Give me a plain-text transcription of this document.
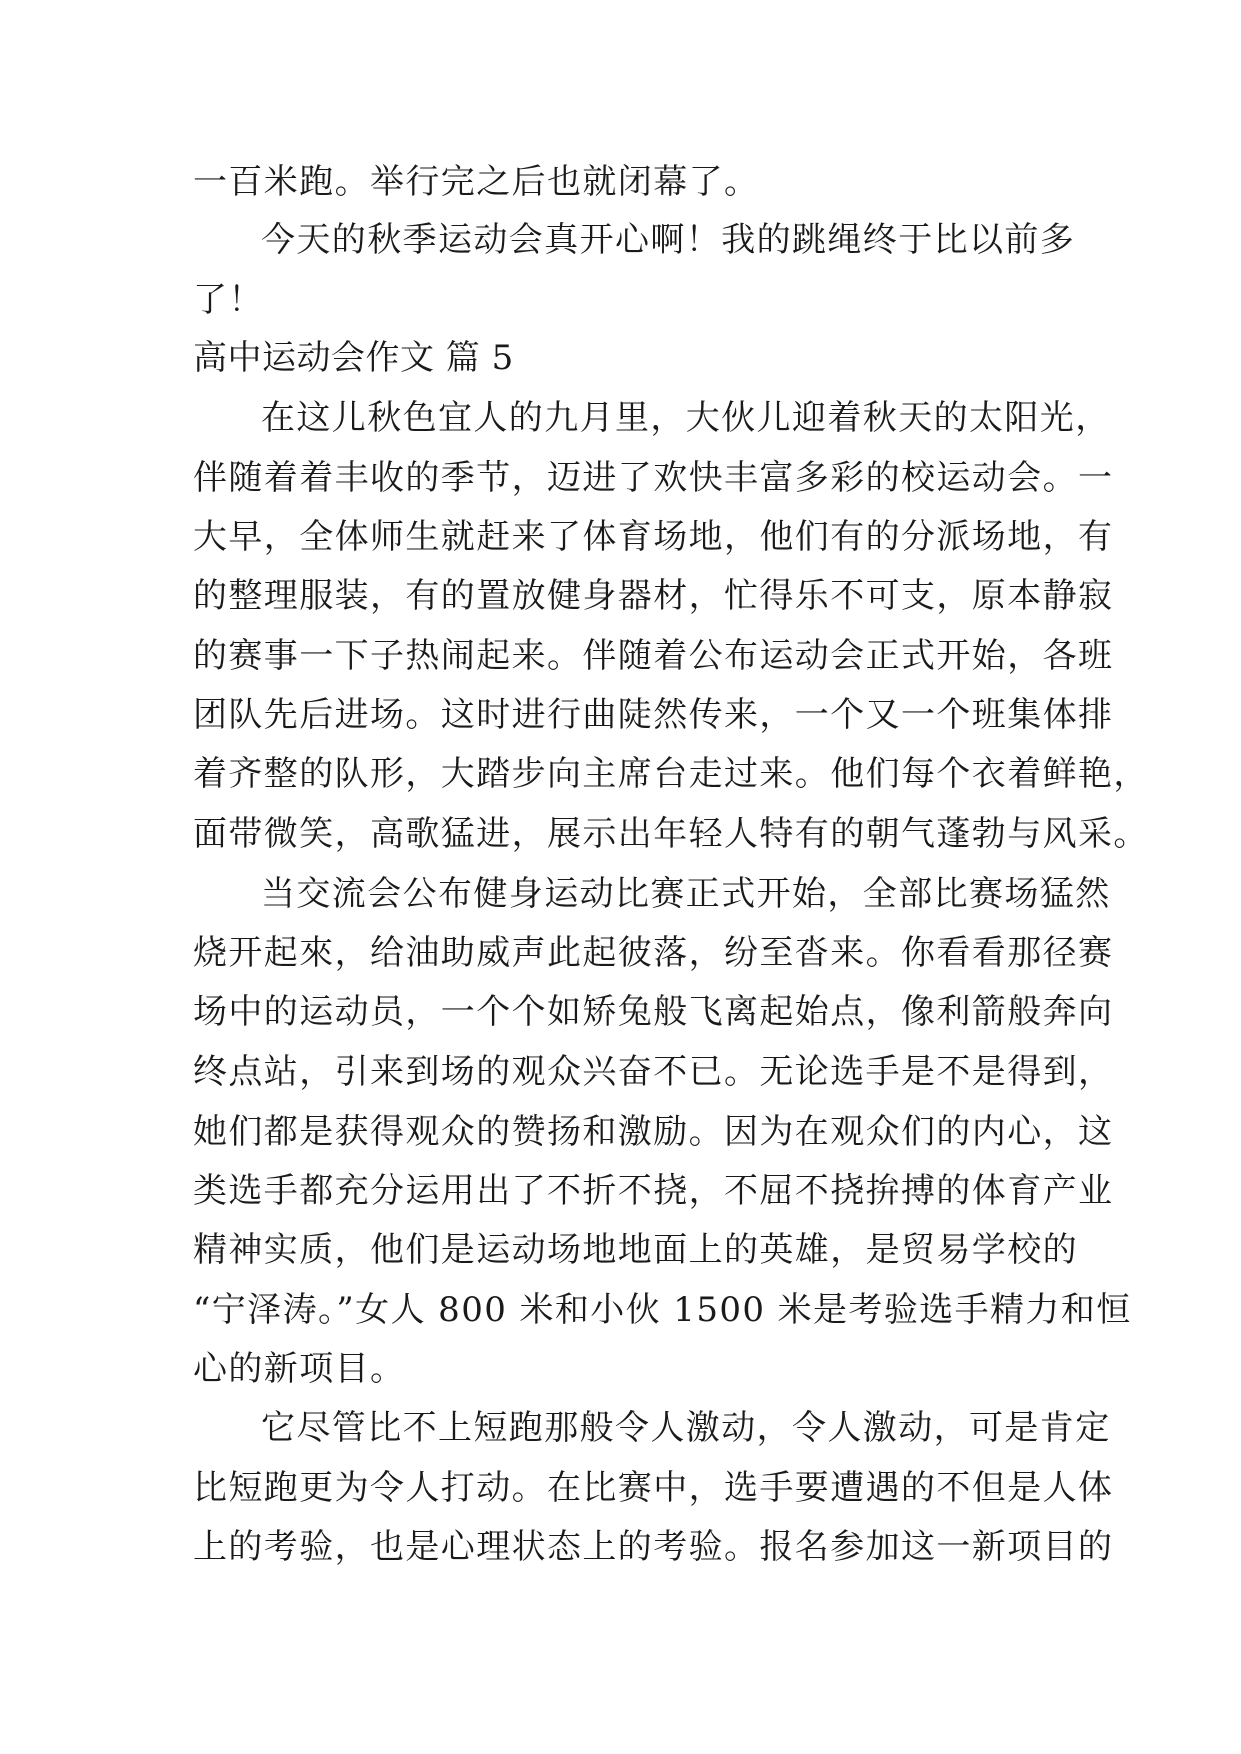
一百米跑。举行完之后也就闭幕了。
今天的秋季运动会真开心啊！我的跳绳终于比以前多
了！
高中运动会作文 篇 5
在这儿秋色宜人的九月里，大伙儿迎着秋天的太阳光，
伴随着着丰收的季节，迈进了欢快丰富多彩的校运动会。一
大早，全体师生就赶来了体育场地，他们有的分派场地，有
的整理服装，有的置放健身器材，忙得乐不可支，原本静寂
的赛事一下子热闹起来。伴随着公布运动会正式开始，各班
团队先后进场。这时进行曲陡然传来，一个又一个班集体排
着齐整的队形，大踏步向主席台走过来。他们每个衣着鲜艳，
面带微笑，高歌猛进，展示出年轻人特有的朝气蓬勃与风采。
当交流会公布健身运动比赛正式开始，全部比赛场猛然
烧开起來，给油助威声此起彼落，纷至沓来。你看看那径赛
场中的运动员，一个个如矫兔般飞离起始点，像利箭般奔向
终点站，引来到场的观众兴奋不已。无论选手是不是得到，
她们都是获得观众的赞扬和激励。因为在观众们的内心，这
类选手都充分运用出了不折不挠，不屈不挠拚搏的体育产业
精神实质，他们是运动场地地面上的英雄，是贸易学校的
“宁泽涛。”女人 800 米和小伙 1500 米是考验选手精力和恒
心的新项目。
它尽管比不上短跑那般令人激动，令人激动，可是肯定
比短跑更为令人打动。在比赛中，选手要遭遇的不但是人体
上的考验，也是心理状态上的考验。报名参加这一新项目的
